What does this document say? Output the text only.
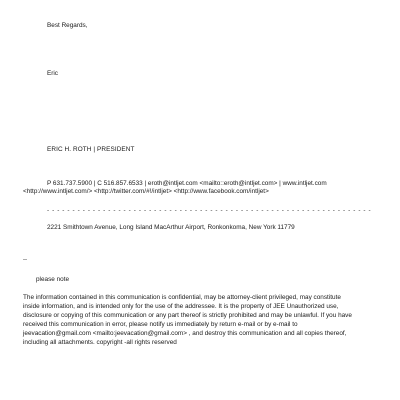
Best Regards,
Eric
ERIC H. ROTH | PRESIDENT
P 631.737.5900 | C 516.857.6533 | eroth@intljet.com <mailto::eroth@intljet.com> | www.intljet.com
<http://www.intljet.com/> <http://twitter.com/#!/intljet> <http://www.facebook.com/intljet>
- - - - - - - - - - - - - - - - - - - - - - - - - - - - - - - - - - - - - - - - - - - - - - - - - - - - - - - - - - - - - - - -
2221 Smithtown Avenue, Long Island MacArthur Airport, Ronkonkoma, New York 11779
--
please note
The information contained in this communication is confidential, may be attorney-client privileged, may constitute
inside information, and is intended only for the use of the addressee. It is the property of JEE Unauthorized use,
disclosure or copying of this communication or any part thereof is strictly prohibited and may be unlawful. If you have
received this communication in error, please notify us immediately by return e-mail or by e-mail to
jeevacation@gmail.com <mailto:jeevacation@gmail.com> , and destroy this communication and all copies thereof,
including all attachments. copyright -all rights reserved
